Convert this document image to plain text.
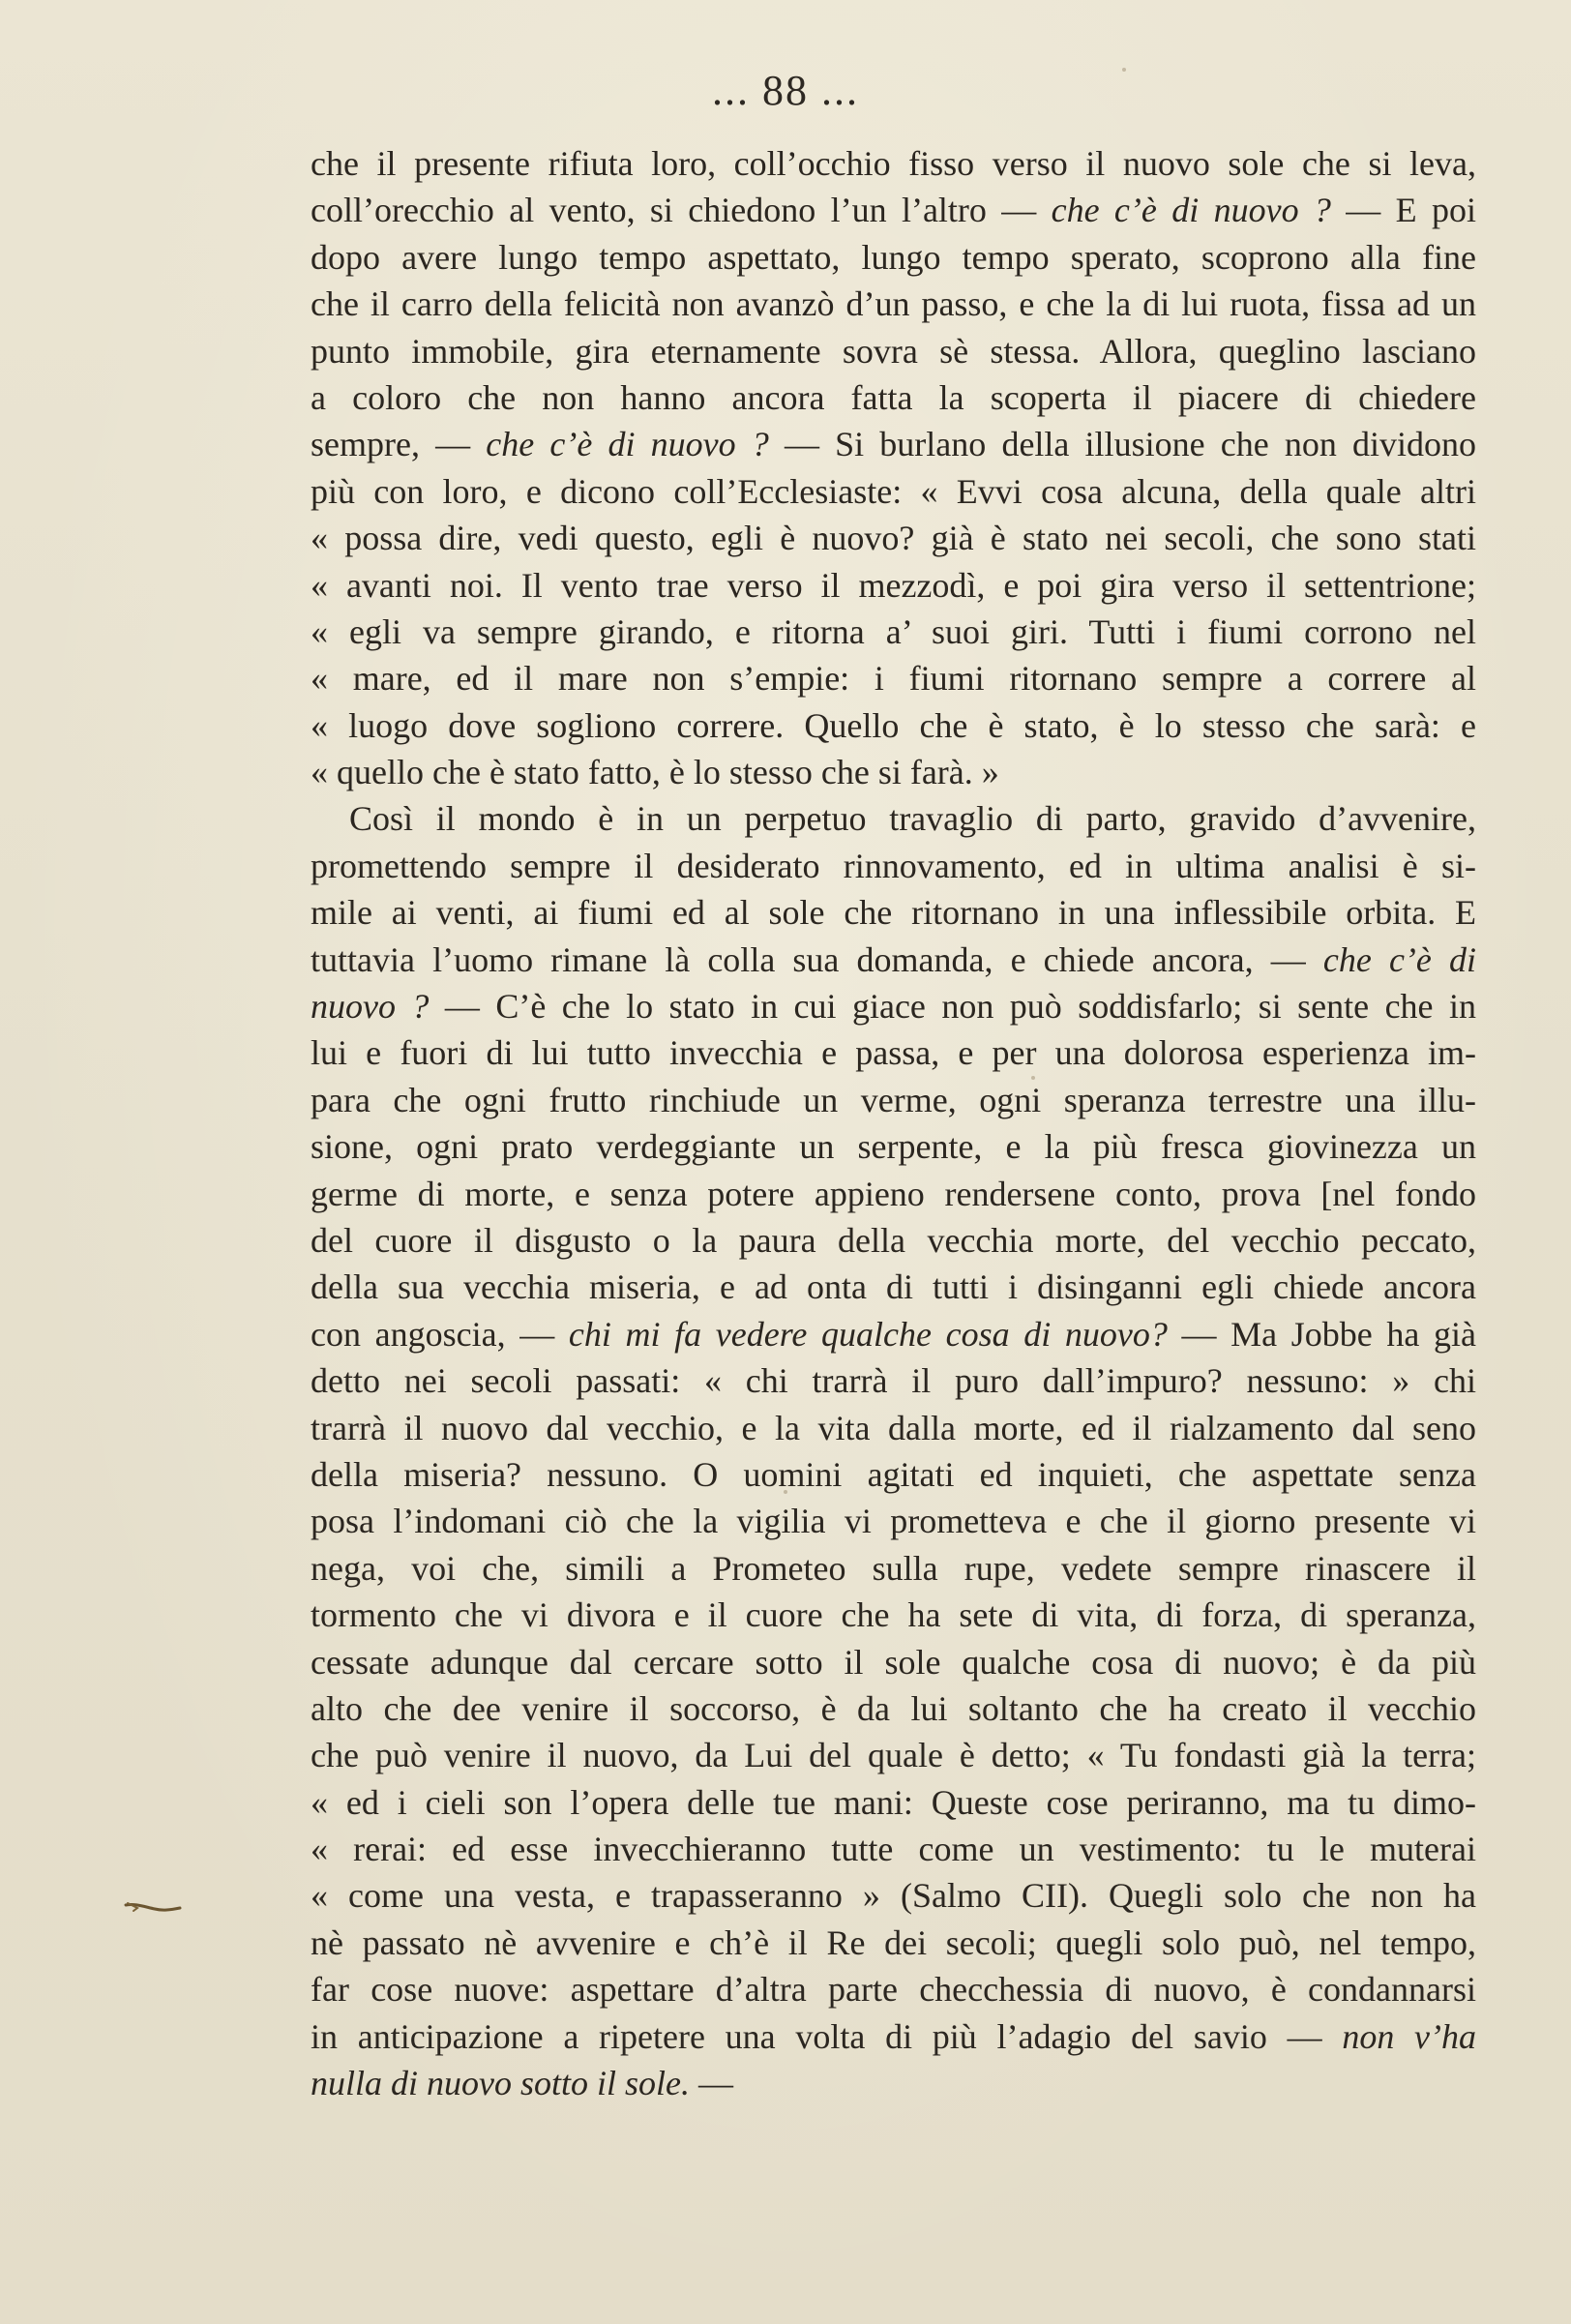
... 88 ...
che il presente rifiuta loro, coll’occhio fisso verso il nuovo sole che si leva,
coll’orecchio al vento, si chiedono l’un l’altro — che c’è di nuovo ? — E poi
dopo avere lungo tempo aspettato, lungo tempo sperato, scoprono alla fine
che il carro della felicità non avanzò d’un passo, e che la di lui ruota, fissa ad un
punto immobile, gira eternamente sovra sè stessa. Allora, queglino lasciano
a coloro che non hanno ancora fatta la scoperta il piacere di chiedere
sempre, — che c’è di nuovo ? — Si burlano della illusione che non dividono
più con loro, e dicono coll’Ecclesiaste: « Evvi cosa alcuna, della quale altri
« possa dire, vedi questo, egli è nuovo? già è stato nei secoli, che sono stati
« avanti noi. Il vento trae verso il mezzodì, e poi gira verso il settentrione;
« egli va sempre girando, e ritorna a’ suoi giri. Tutti i fiumi corrono nel
« mare, ed il mare non s’empie: i fiumi ritornano sempre a correre al
« luogo dove sogliono correre. Quello che è stato, è lo stesso che sarà: e
« quello che è stato fatto, è lo stesso che si farà. »
Così il mondo è in un perpetuo travaglio di parto, gravido d’avvenire,
promettendo sempre il desiderato rinnovamento, ed in ultima analisi è si-
mile ai venti, ai fiumi ed al sole che ritornano in una inflessibile orbita. E
tuttavia l’uomo rimane là colla sua domanda, e chiede ancora, — che c’è di
nuovo ? — C’è che lo stato in cui giace non può soddisfarlo; si sente che in
lui e fuori di lui tutto invecchia e passa, e per una dolorosa esperienza im-
para che ogni frutto rinchiude un verme, ogni speranza terrestre una illu-
sione, ogni prato verdeggiante un serpente, e la più fresca giovinezza un
germe di morte, e senza potere appieno rendersene conto, prova [nel fondo
del cuore il disgusto o la paura della vecchia morte, del vecchio peccato,
della sua vecchia miseria, e ad onta di tutti i disinganni egli chiede ancora
con angoscia, — chi mi fa vedere qualche cosa di nuovo? — Ma Jobbe ha già
detto nei secoli passati: « chi trarrà il puro dall’impuro? nessuno: » chi
trarrà il nuovo dal vecchio, e la vita dalla morte, ed il rialzamento dal seno
della miseria? nessuno. O uomini agitati ed inquieti, che aspettate senza
posa l’indomani ciò che la vigilia vi prometteva e che il giorno presente vi
nega, voi che, simili a Prometeo sulla rupe, vedete sempre rinascere il
tormento che vi divora e il cuore che ha sete di vita, di forza, di speranza,
cessate adunque dal cercare sotto il sole qualche cosa di nuovo; è da più
alto che dee venire il soccorso, è da lui soltanto che ha creato il vecchio
che può venire il nuovo, da Lui del quale è detto; « Tu fondasti già la terra;
« ed i cieli son l’opera delle tue mani: Queste cose periranno, ma tu dimo-
« rerai: ed esse invecchieranno tutte come un vestimento: tu le muterai
« come una vesta, e trapasseranno » (Salmo CII). Quegli solo che non ha
nè passato nè avvenire e ch’è il Re dei secoli; quegli solo può, nel tempo,
far cose nuove: aspettare d’altra parte checchessia di nuovo, è condannarsi
in anticipazione a ripetere una volta di più l’adagio del savio — non v’ha
nulla di nuovo sotto il sole. —
